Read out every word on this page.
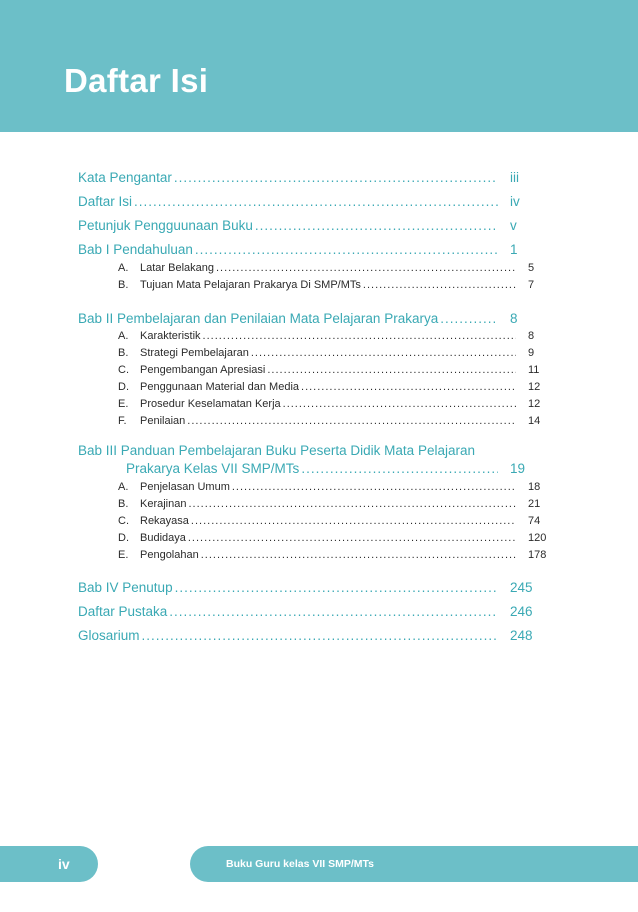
Daftar Isi
Kata Pengantar .....	iii
Daftar Isi .....	iv
Petunjuk Pengguunaan Buku .....	v
Bab I Pendahuluan .....	1
A. Latar Belakang .....	5
B. Tujuan Mata Pelajaran Prakarya Di SMP/MTs .....	7
Bab II Pembelajaran dan Penilaian Mata Pelajaran Prakarya .....	8
A. Karakteristik .....	8
B. Strategi Pembelajaran .....	9
C. Pengembangan Apresiasi .....	11
D. Penggunaan Material dan Media .....	12
E. Prosedur Keselamatan Kerja .....	12
F. Penilaian .....	14
Bab III Panduan Pembelajaran Buku Peserta Didik Mata Pelajaran
Prakarya Kelas VII SMP/MTs .....	19
A. Penjelasan Umum .....	18
B. Kerajinan .....	21
C. Rekayasa .....	74
D. Budidaya .....	120
E. Pengolahan .....	178
Bab IV Penutup .....	245
Daftar Pustaka .....	246
Glosarium .....	248
iv	Buku Guru kelas VII SMP/MTs
